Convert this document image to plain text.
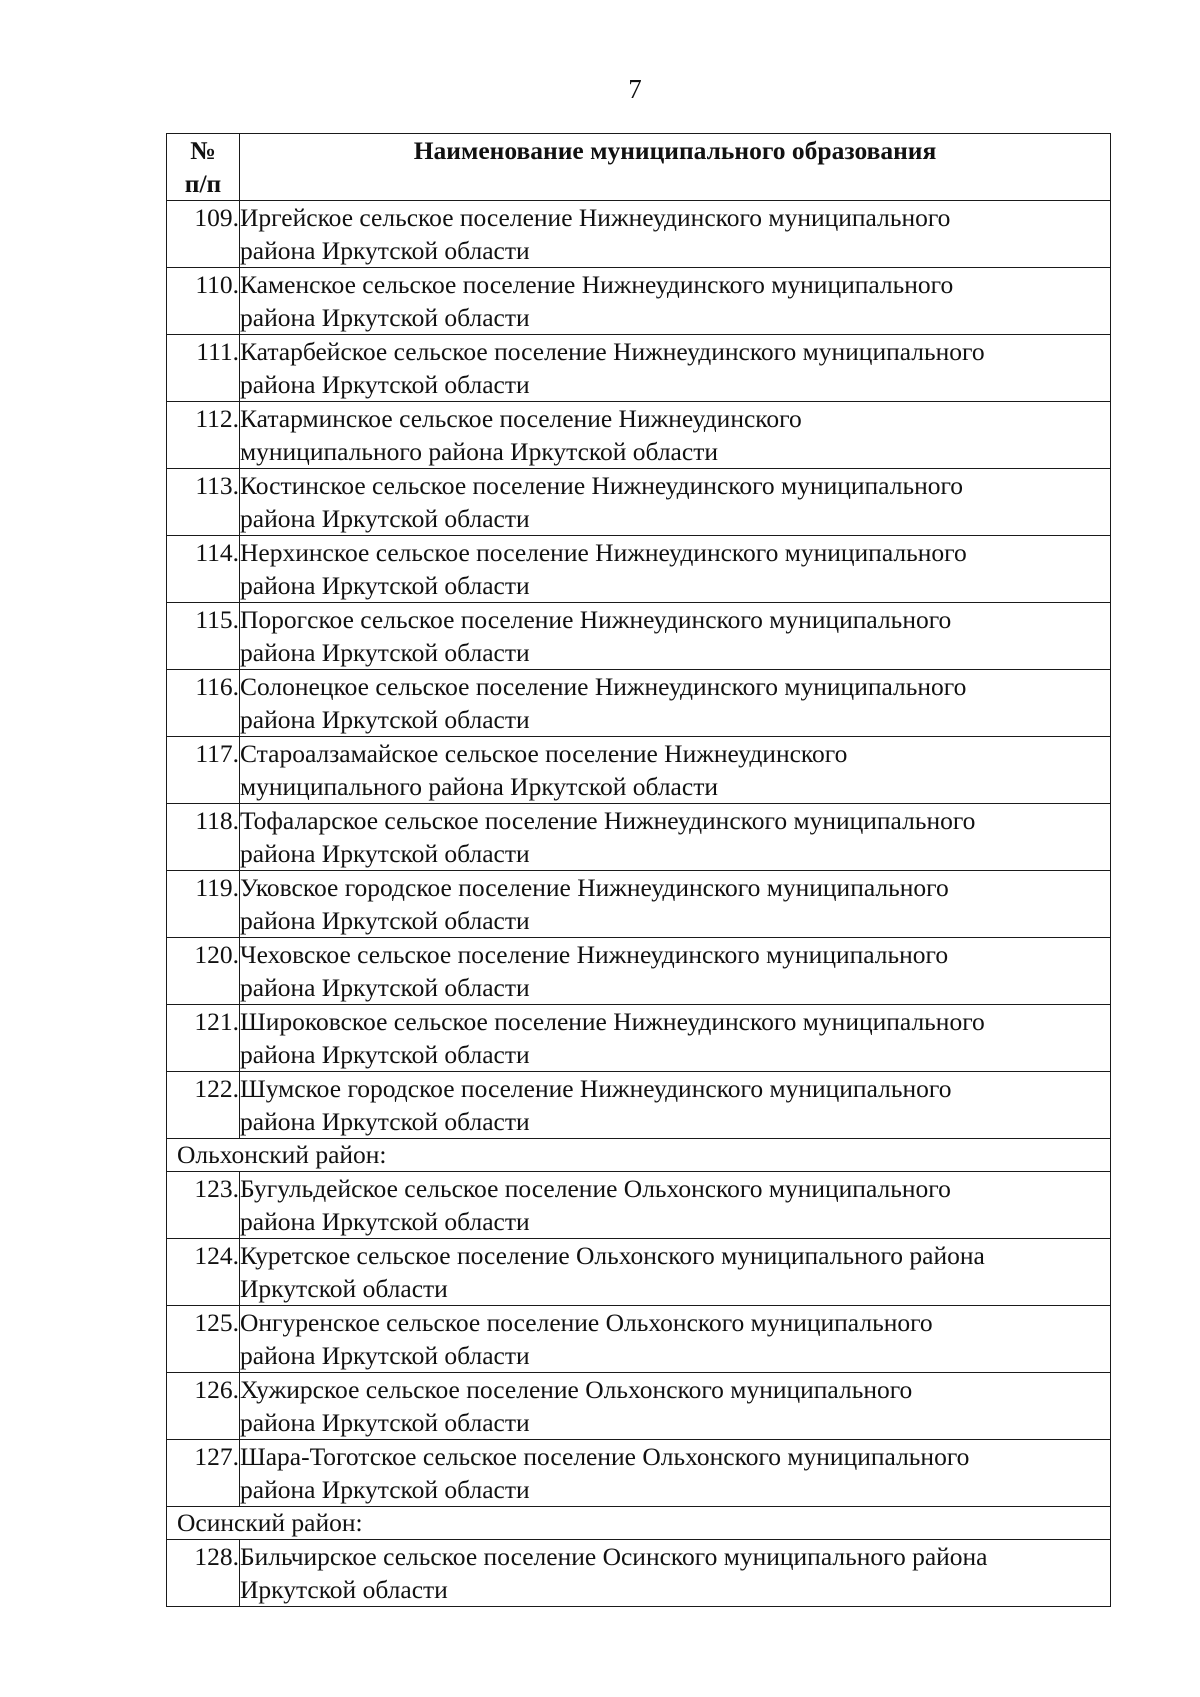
7
№
п/п	Наименование муниципального образования
109.	Иргейское сельское поселение Нижнеудинского муниципального
района Иркутской области

110.	Каменское сельское поселение Нижнеудинского муниципального
района Иркутской области

111.	Катарбейское сельское поселение Нижнеудинского муниципального
района Иркутской области

112.	Катарминское сельское поселение Нижнеудинского
муниципального района Иркутской области

113.	Костинское сельское поселение Нижнеудинского муниципального
района Иркутской области

114.	Нерхинское сельское поселение Нижнеудинского муниципального
района Иркутской области

115.	Порогское сельское поселение Нижнеудинского муниципального
района Иркутской области

116.	Солонецкое сельское поселение Нижнеудинского муниципального
района Иркутской области

117.	Староалзамайское сельское поселение Нижнеудинского
муниципального района Иркутской области

118.	Тофаларское сельское поселение Нижнеудинского муниципального
района Иркутской области

119.	Уковское городское поселение Нижнеудинского муниципального
района Иркутской области

120.	Чеховское сельское поселение Нижнеудинского муниципального
района Иркутской области

121.	Широковское сельское поселение Нижнеудинского муниципального
района Иркутской области

122.	Шумское городское поселение Нижнеудинского муниципального
района Иркутской области

Ольхонский район:	
123.	Бугульдейское сельское поселение Ольхонского муниципального
района Иркутской области

124.	Куретское сельское поселение Ольхонского муниципального района
Иркутской области

125.	Онгуренское сельское поселение Ольхонского муниципального
района Иркутской области

126.	Хужирское сельское поселение Ольхонского муниципального
района Иркутской области

127.	Шара-Тоготское сельское поселение Ольхонского муниципального
района Иркутской области

Осинский район:	
128.	Бильчирское сельское поселение Осинского муниципального района
Иркутской области
